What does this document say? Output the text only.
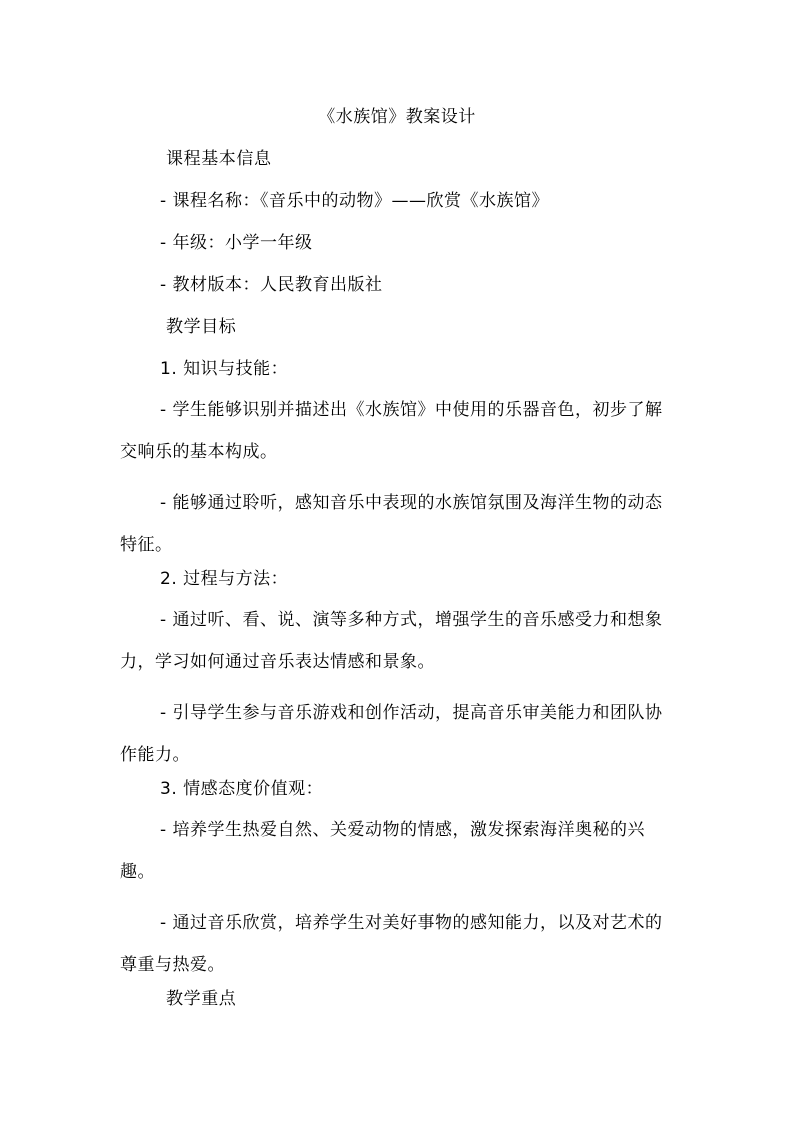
《水族馆》教案设计
课程基本信息
- 课程名称：《音乐中的动物》——欣赏《水族馆》
- 年级：小学一年级
- 教材版本：人民教育出版社
教学目标
1. 知识与技能：

- 学生能够识别并描述出《水族馆》中使用的乐器音色，初步了解交响乐的基本构成。

- 能够通过聆听，感知音乐中表现的水族馆氛围及海洋生物的动态特征。

2. 过程与方法：

- 通过听、看、说、演等多种方式，增强学生的音乐感受力和想象力，学习如何通过音乐表达情感和景象。

- 引导学生参与音乐游戏和创作活动，提高音乐审美能力和团队协作能力。

3. 情感态度价值观：

- 培养学生热爱自然、关爱动物的情感，激发探索海洋奥秘的兴趣。

- 通过音乐欣赏，培养学生对美好事物的感知能力，以及对艺术的尊重与热爱。

教学重点
